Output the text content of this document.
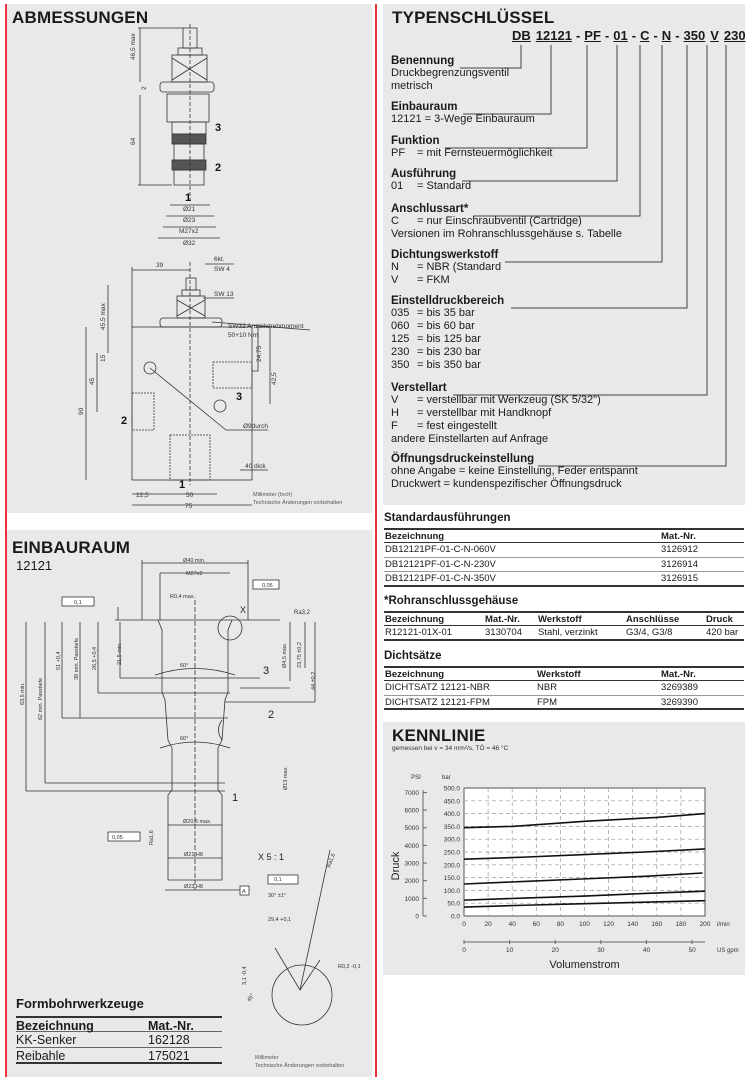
ABMESSUNGEN
EINBAURAUM
12121
46,5 max
2
64
3
2
1
Ø21
Ø23
M27x2
Ø32
39
6kt.
SW 4
SW 13
SW32 Anziehdrehmoment
50+10 Nm
45,5 max
15
45
90
24,75
42,5
3
2
1
Ø9durch
40 dick
12,5	50
75
Millimeter (Inch)
Technische Änderungen vorbehalten
Ø40 min.
M27x2
R0,4 max.
0,05
0,1
X	Ra3,2
21,5 min.
26,5 +0,4
38 min. Passtiefe
51 +0,4
62 min. Passtiefe
63,5 min.
60°
60°
3
2
1
Ø4,5 max. 23,75 ±0,2
44 ±0,2
Ø13 max.
Ø20,5 max.
0,05
Ø21 H8
Ø23 H8
A
X 5 : 1
0,1
30° ±1°
29,4 +0,1
Ra1,6
Ra1,6
R0,2 -0,1
3,1 -0,4
45°
Millimeter
Technische Änderungen vorbehalten
Formbohrwerkzeuge
Bezeichnung	Mat.-Nr.
KK-Senker	162128
Reibahle	175021
TYPENSCHLÜSSEL
DB 12121 - PF - 01 - C - N - 350 V 230
Benennung
Druckbegrenzungsventil
metrisch
Einbauraum
12121 = 3-Wege Einbauraum
Funktion
PF = mit Fernsteuermöglichkeit
Ausführung
01 = Standard
Anschlussart*
C = nur Einschraubventil (Cartridge)
Versionen im Rohranschlussgehäuse s. Tabelle
Dichtungswerkstoff
N = NBR (Standard
V = FKM
Einstelldruckbereich
035 = bis 35 bar
060 = bis 60 bar
125 = bis 125 bar
230 = bis 230 bar
350 = bis 350 bar
Verstellart
V = verstellbar mit Werkzeug (SK 5/32")
H = verstellbar mit Handknopf
F = fest eingestellt
andere Einstellarten auf Anfrage
Öffnungsdruckeinstellung
ohne Angabe = keine Einstellung, Feder entspannt
Druckwert = kundenspezifischer Öffnungsdruck
Standardausführungen
Bezeichnung	Mat.-Nr.
DB12121PF-01-C-N-060V	3126912
DB12121PF-01-C-N-230V	3126914
DB12121PF-01-C-N-350V	3126915
*Rohranschlussgehäuse
Bezeichnung	Mat.-Nr. Werkstoff	Anschlüsse	Druck
R12121-01X-01	3130704 Stahl, verzinkt	G3/4, G3/8	420 bar
Dichtsätze
Bezeichnung	Werkstoff	Mat.-Nr.
DICHTSATZ 12121-NBR	NBR	3269389
DICHTSATZ 12121-FPM	FPM	3269390
KENNLINIE
gemessen bei v = 34 mm²/s, TÖ = 46 °C
0	20	40	60	80 100 120 140 160 180 200
0.0
50.0
100.0
150.0
200.0
250.0
300.0
350.0
400.0
450.0
500.0
0
1000
2000
3000
4000
5000
6000
7000
PSI	bar
l/min
0	10	20	30	40	50	US gpm
Volumenstrom
Druck
